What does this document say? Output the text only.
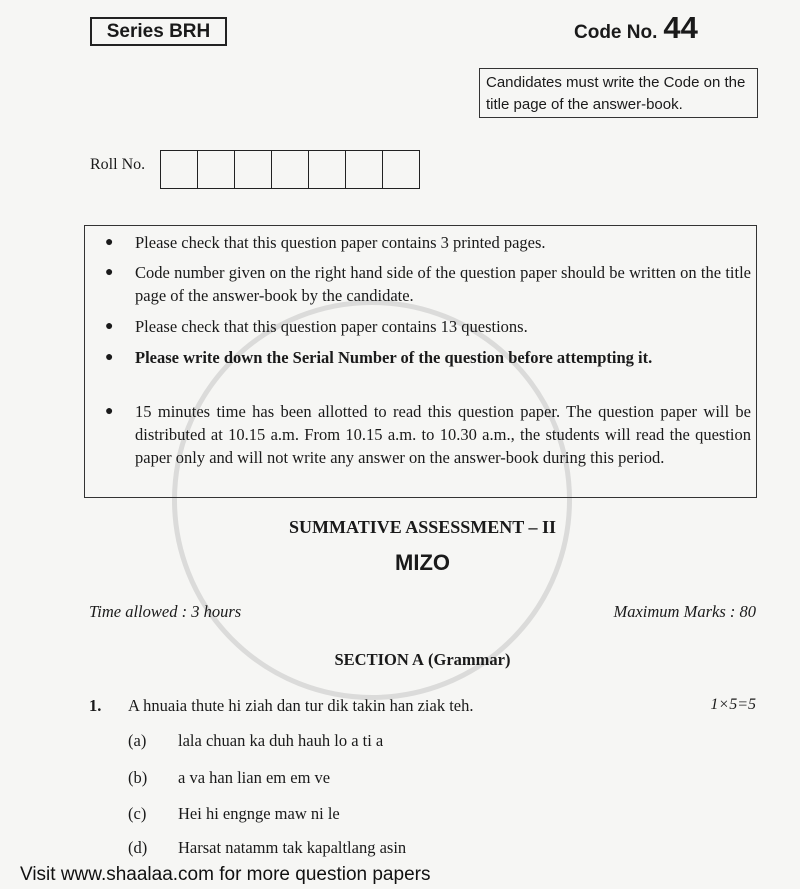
Series BRH	Code No. 44
Candidates must write the Code on the title page of the answer-book.
Roll No.
● Please check that this question paper contains 3 printed pages.
● Code number given on the right hand side of the question paper should be written on the title page of the answer-book by the candidate.
● Please check that this question paper contains 13 questions.
● Please write down the Serial Number of the question before attempting it.
● 15 minutes time has been allotted to read this question paper. The question paper will be distributed at 10.15 a.m. From 10.15 a.m. to 10.30 a.m., the students will read the question paper only and will not write any answer on the answer-book during this period.
SUMMATIVE ASSESSMENT – II
MIZO
Time allowed : 3 hours	Maximum Marks : 80
SECTION A (Grammar)
1. A hnuaia thute hi ziah dan tur dik takin han ziak teh.	1×5=5
(a) lala chuan ka duh hauh lo a ti a
(b) a va han lian em em ve
(c) Hei hi engnge maw ni le
(d) Harsat natamm tak kapaltlang asin
Visit www.shaalaa.com for more question papers
